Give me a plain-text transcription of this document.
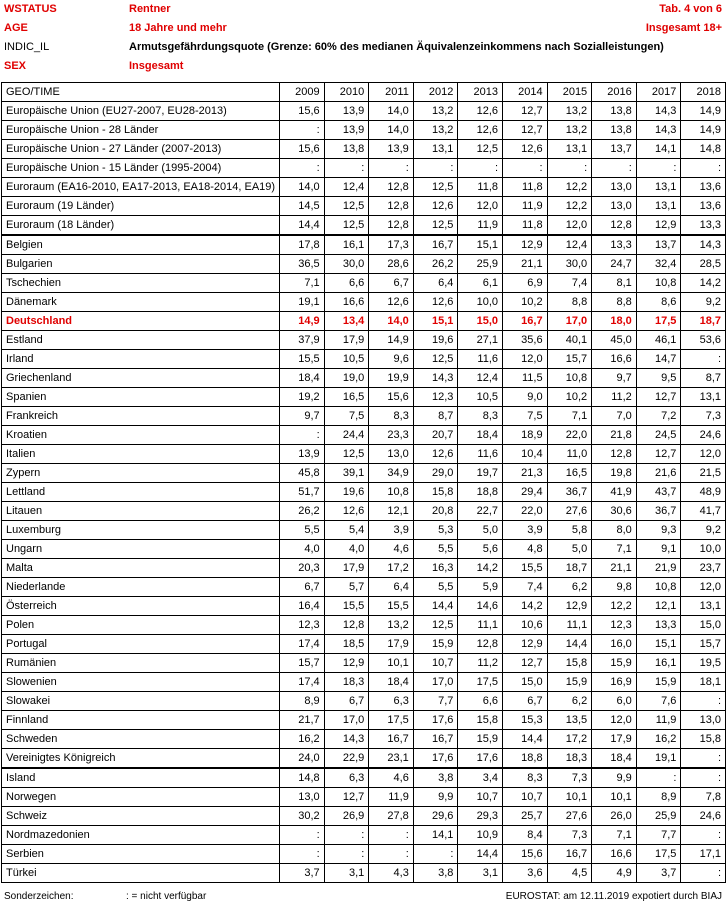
WSTATUS	Rentner	Tab. 4 von 6
AGE	18 Jahre und mehr	Insgesamt 18+
INDIC_IL	Armutsgefährdungsquote (Grenze: 60% des medianen Äquivalenzeinkommens nach Sozialleistungen)
SEX	Insgesamt
GEO/TIME	2009	2010	2011	2012	2013	2014	2015	2016	2017	2018
Europäische Union (EU27-2007, EU28-2013)	15,6	13,9	14,0	13,2	12,6	12,7	13,2	13,8	14,3	14,9
Europäische Union - 28 Länder	:	13,9	14,0	13,2	12,6	12,7	13,2	13,8	14,3	14,9
Europäische Union - 27 Länder (2007-2013)	15,6	13,8	13,9	13,1	12,5	12,6	13,1	13,7	14,1	14,8
Europäische Union - 15 Länder (1995-2004)	:	:	:	:	:	:	:	:	:	:
Euroraum (EA16-2010, EA17-2013, EA18-2014, EA19)	14,0	12,4	12,8	12,5	11,8	11,8	12,2	13,0	13,1	13,6
Euroraum (19 Länder)	14,5	12,5	12,8	12,6	12,0	11,9	12,2	13,0	13,1	13,6
Euroraum (18 Länder)	14,4	12,5	12,8	12,5	11,9	11,8	12,0	12,8	12,9	13,3
Belgien	17,8	16,1	17,3	16,7	15,1	12,9	12,4	13,3	13,7	14,3
Bulgarien	36,5	30,0	28,6	26,2	25,9	21,1	30,0	24,7	32,4	28,5
Tschechien	7,1	6,6	6,7	6,4	6,1	6,9	7,4	8,1	10,8	14,2
Dänemark	19,1	16,6	12,6	12,6	10,0	10,2	8,8	8,8	8,6	9,2
Deutschland	14,9	13,4	14,0	15,1	15,0	16,7	17,0	18,0	17,5	18,7
Estland	37,9	17,9	14,9	19,6	27,1	35,6	40,1	45,0	46,1	53,6
Irland	15,5	10,5	9,6	12,5	11,6	12,0	15,7	16,6	14,7	:
Griechenland	18,4	19,0	19,9	14,3	12,4	11,5	10,8	9,7	9,5	8,7
Spanien	19,2	16,5	15,6	12,3	10,5	9,0	10,2	11,2	12,7	13,1
Frankreich	9,7	7,5	8,3	8,7	8,3	7,5	7,1	7,0	7,2	7,3
Kroatien	:	24,4	23,3	20,7	18,4	18,9	22,0	21,8	24,5	24,6
Italien	13,9	12,5	13,0	12,6	11,6	10,4	11,0	12,8	12,7	12,0
Zypern	45,8	39,1	34,9	29,0	19,7	21,3	16,5	19,8	21,6	21,5
Lettland	51,7	19,6	10,8	15,8	18,8	29,4	36,7	41,9	43,7	48,9
Litauen	26,2	12,6	12,1	20,8	22,7	22,0	27,6	30,6	36,7	41,7
Luxemburg	5,5	5,4	3,9	5,3	5,0	3,9	5,8	8,0	9,3	9,2
Ungarn	4,0	4,0	4,6	5,5	5,6	4,8	5,0	7,1	9,1	10,0
Malta	20,3	17,9	17,2	16,3	14,2	15,5	18,7	21,1	21,9	23,7
Niederlande	6,7	5,7	6,4	5,5	5,9	7,4	6,2	9,8	10,8	12,0
Österreich	16,4	15,5	15,5	14,4	14,6	14,2	12,9	12,2	12,1	13,1
Polen	12,3	12,8	13,2	12,5	11,1	10,6	11,1	12,3	13,3	15,0
Portugal	17,4	18,5	17,9	15,9	12,8	12,9	14,4	16,0	15,1	15,7
Rumänien	15,7	12,9	10,1	10,7	11,2	12,7	15,8	15,9	16,1	19,5
Slowenien	17,4	18,3	18,4	17,0	17,5	15,0	15,9	16,9	15,9	18,1
Slowakei	8,9	6,7	6,3	7,7	6,6	6,7	6,2	6,0	7,6	:
Finnland	21,7	17,0	17,5	17,6	15,8	15,3	13,5	12,0	11,9	13,0
Schweden	16,2	14,3	16,7	16,7	15,9	14,4	17,2	17,9	16,2	15,8
Vereinigtes Königreich	24,0	22,9	23,1	17,6	17,6	18,8	18,3	18,4	19,1	:
Island	14,8	6,3	4,6	3,8	3,4	8,3	7,3	9,9	:	:
Norwegen	13,0	12,7	11,9	9,9	10,7	10,7	10,1	10,1	8,9	7,8
Schweiz	30,2	26,9	27,8	29,6	29,3	25,7	27,6	26,0	25,9	24,6
Nordmazedonien	:	:	:	14,1	10,9	8,4	7,3	7,1	7,7	:
Serbien	:	:	:	:	14,4	15,6	16,7	16,6	17,5	17,1
Türkei	3,7	3,1	4,3	3,8	3,1	3,6	4,5	4,9	3,7	:
Sonderzeichen:	: = nicht verfügbar	EUROSTAT: am 12.11.2019 expotiert durch BIAJ
